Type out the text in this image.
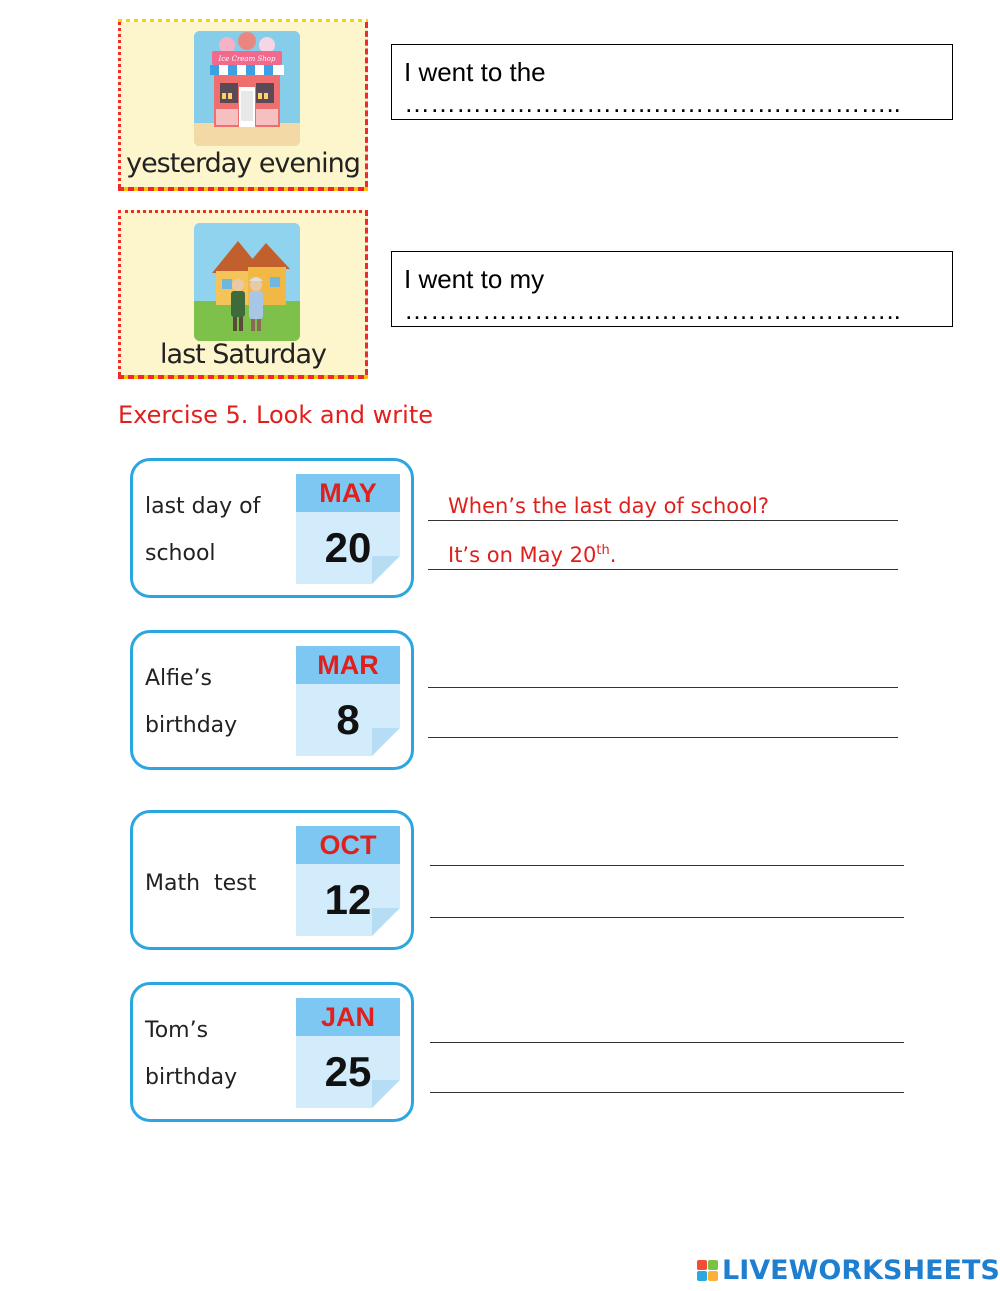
Ice Cream Shop
yesterday evening
last Saturday
I went to the ………………………..………………………..
I went to my ………………………..………………………..
Exercise 5. Look and write
last day of
school
MAY
20
When’s the last day of school?
It’s on May 20th.
Alfie’s
birthday
MAR
8
Math  test
OCT
12
Tom’s
birthday
JAN
25
LIVEWORKSHEETS
